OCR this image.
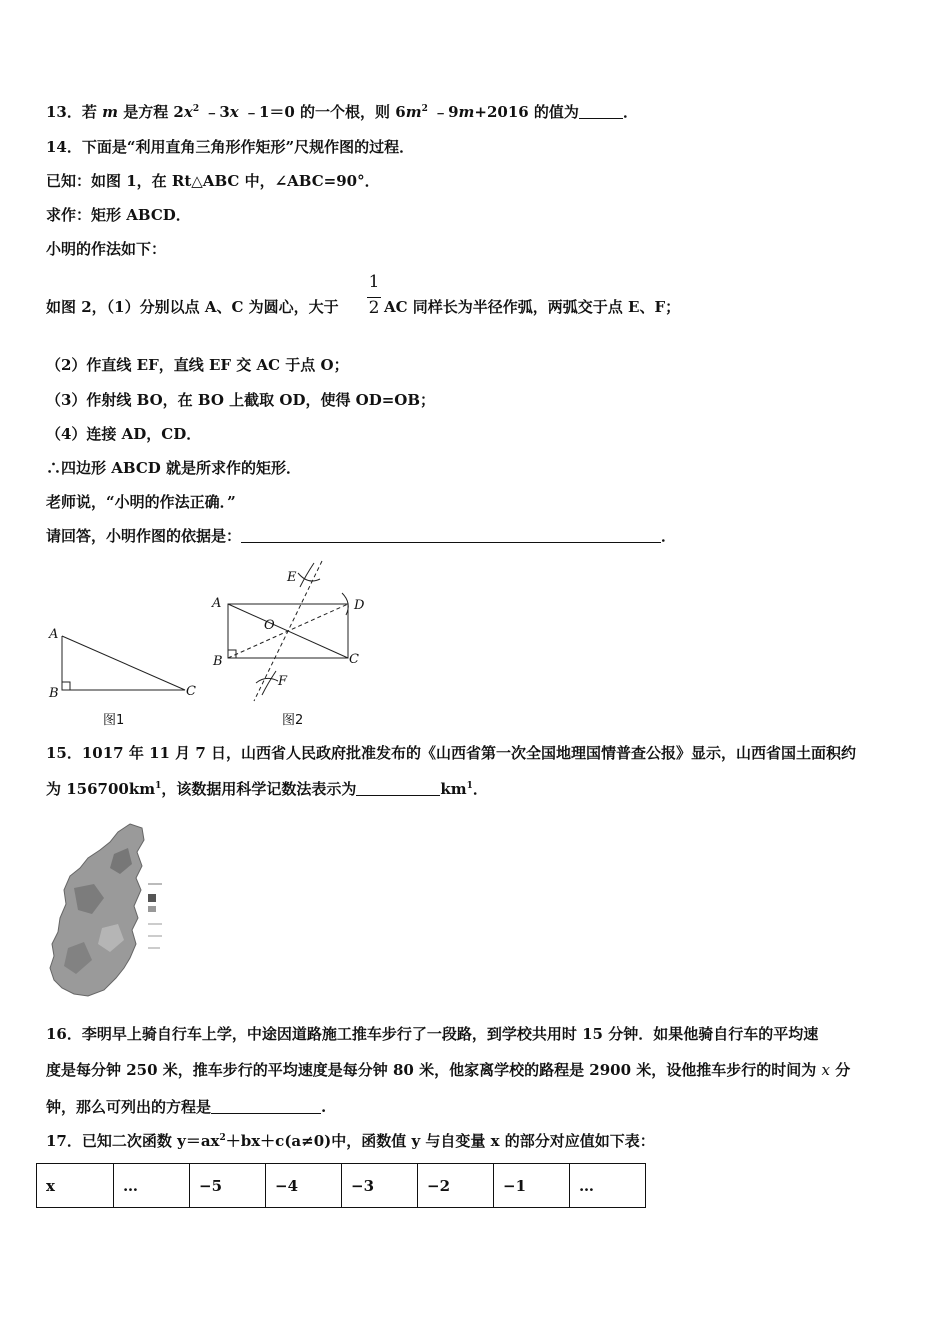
13．若 m 是方程 $2x^2$ ﹣3x ﹣1＝0 的一个根，则 $6m^2$ ﹣9m+2016 的值为	．
14．下面是“利用直角三角形作矩形”尺规作图的过程．
已知：如图 1，在 Rt△ABC 中，∠ABC=90°．
求作：矩形 ABCD．
小明的作法如下：
1
2
如图 2，（1）分别以点 A、C 为圆心，大于	AC 同样长为半径作弧，两弧交于点 E、F；
（2）作直线 EF，直线 EF 交 AC 于点 O；
（3）作射线 BO，在 BO 上截取 OD，使得 OD=OB；
（4）连接 AD，CD．
∴四边形 ABCD 就是所求作的矩形．
老师说，“小明的作法正确．”
请回答，小明作图的依据是：	．
A
B	C
图1
A
B	C
D
E
F
O
图2
15．1017 年 11 月 7 日，山西省人民政府批准发布的《山西省第一次全国地理国情普查公报》显示，山西省国土面积约
为 $156700km^1$，该数据用科学记数法表示为	$km^1$．
16．李明早上骑自行车上学，中途因道路施工推车步行了一段路，到学校共用时 15 分钟．如果他骑自行车的平均速
度是每分钟 250 米，推车步行的平均速度是每分钟 80 米，他家离学校的路程是 2900 米，设他推车步行的时间为 x 分
钟，那么可列出的方程是	.
17．已知二次函数 $y=ax^2+bx+c(a\ne 0)$中，函数值 y 与自变量 x 的部分对应值如下表：
x	…	−5	−4	−3	−2	−1	…
